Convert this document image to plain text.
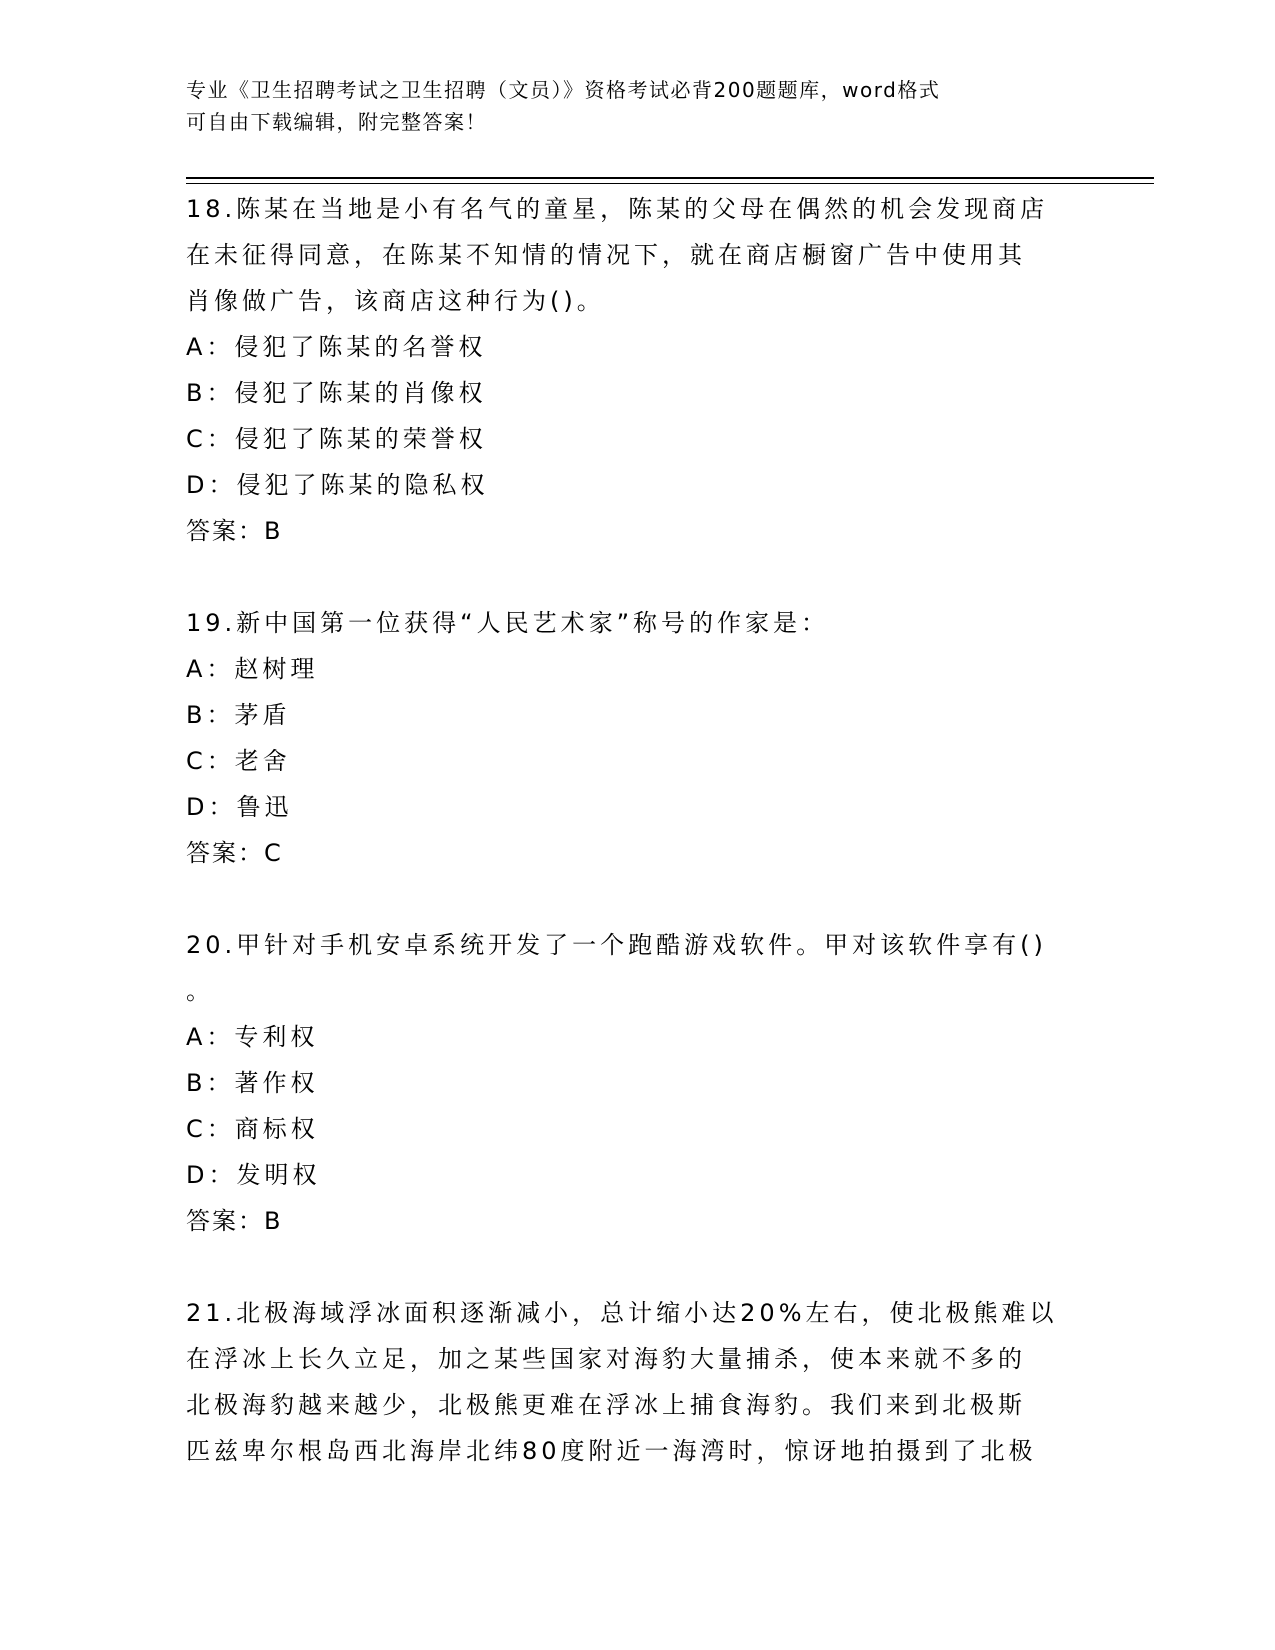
专业《卫生招聘考试之卫生招聘（文员）》资格考试必背200题题库，word格式
可自由下载编辑，附完整答案！
18.陈某在当地是小有名气的童星，陈某的父母在偶然的机会发现商店
在未征得同意，在陈某不知情的情况下，就在商店橱窗广告中使用其
肖像做广告，该商店这种行为()。
A：侵犯了陈某的名誉权
B：侵犯了陈某的肖像权
C：侵犯了陈某的荣誉权
D：侵犯了陈某的隐私权
答案：B
19.新中国第一位获得“人民艺术家”称号的作家是：
A：赵树理
B：茅盾
C：老舍
D：鲁迅
答案：C
20.甲针对手机安卓系统开发了一个跑酷游戏软件。甲对该软件享有()
。
A：专利权
B：著作权
C：商标权
D：发明权
答案：B
21.北极海域浮冰面积逐渐减小，总计缩小达20%左右，使北极熊难以
在浮冰上长久立足，加之某些国家对海豹大量捕杀，使本来就不多的
北极海豹越来越少，北极熊更难在浮冰上捕食海豹。我们来到北极斯
匹兹卑尔根岛西北海岸北纬80度附近一海湾时，惊讶地拍摄到了北极
